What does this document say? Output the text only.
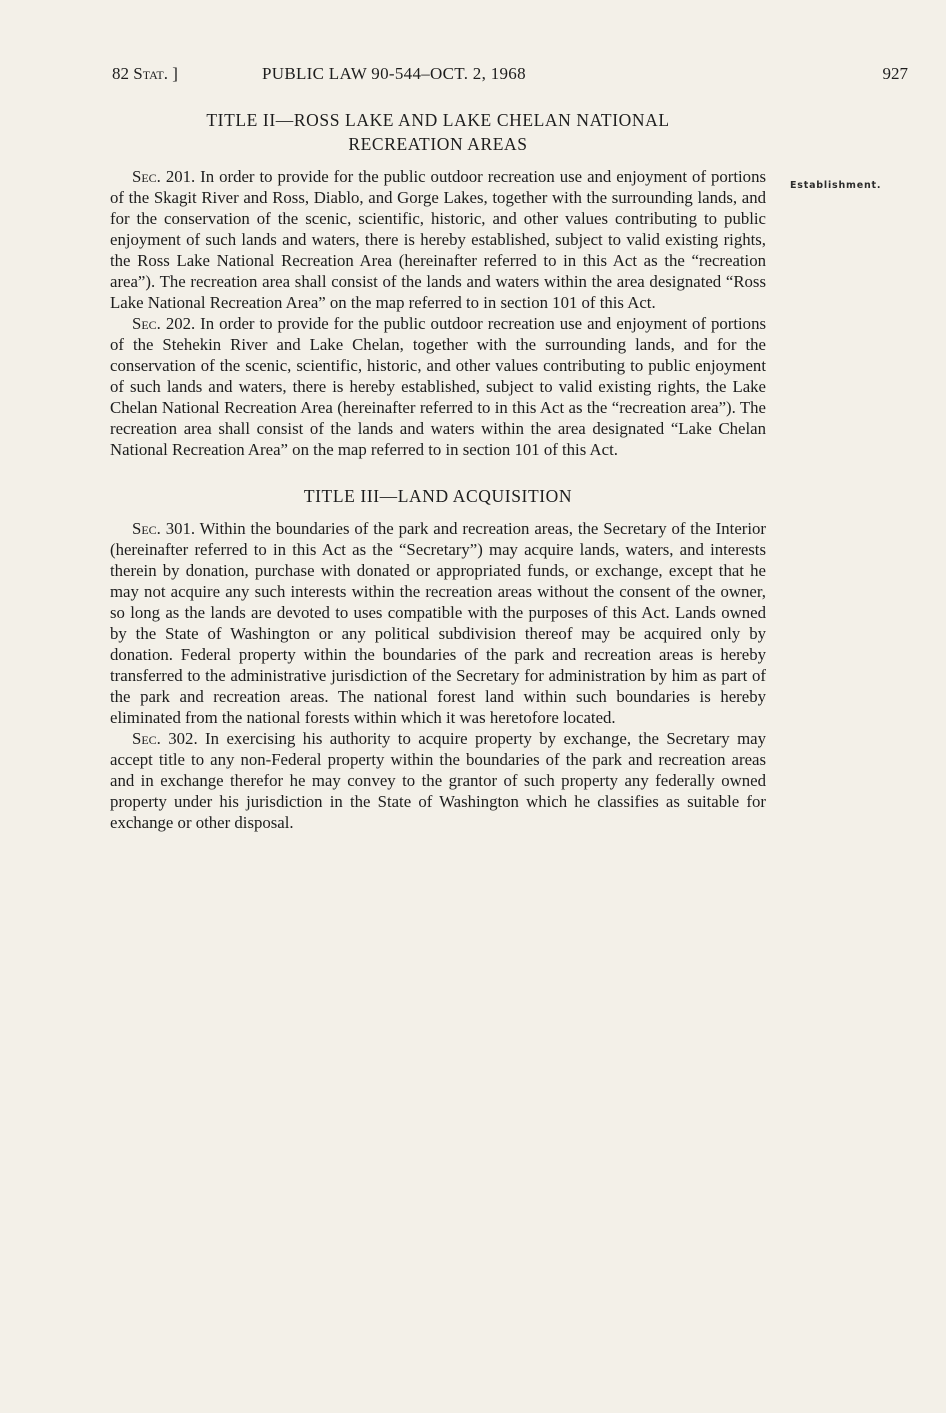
82 Stat. ]	PUBLIC LAW 90-544–OCT. 2, 1968	927
Establishment.
TITLE II—ROSS LAKE AND LAKE CHELAN NATIONAL
RECREATION AREAS

Sec. 201. In order to provide for the public outdoor recreation use and enjoyment of portions of the Skagit River and Ross, Diablo, and Gorge Lakes, together with the surrounding lands, and for the conservation of the scenic, scientific, historic, and other values contributing to public enjoyment of such lands and waters, there is hereby established, subject to valid existing rights, the Ross Lake National Recreation Area (hereinafter referred to in this Act as the “recreation area”). The recreation area shall consist of the lands and waters within the area designated “Ross Lake National Recreation Area” on the map referred to in section 101 of this Act.

Sec. 202. In order to provide for the public outdoor recreation use and enjoyment of portions of the Stehekin River and Lake Chelan, together with the surrounding lands, and for the conservation of the scenic, scientific, historic, and other values contributing to public enjoyment of such lands and waters, there is hereby established, subject to valid existing rights, the Lake Chelan National Recreation Area (hereinafter referred to in this Act as the “recreation area”). The recreation area shall consist of the lands and waters within the area designated “Lake Chelan National Recreation Area” on the map referred to in section 101 of this Act.

TITLE III—LAND ACQUISITION

Sec. 301. Within the boundaries of the park and recreation areas, the Secretary of the Interior (hereinafter referred to in this Act as the “Secretary”) may acquire lands, waters, and interests therein by donation, purchase with donated or appropriated funds, or exchange, except that he may not acquire any such interests within the recreation areas without the consent of the owner, so long as the lands are devoted to uses compatible with the purposes of this Act. Lands owned by the State of Washington or any political subdivision thereof may be acquired only by donation. Federal property within the boundaries of the park and recreation areas is hereby transferred to the administrative jurisdiction of the Secretary for administration by him as part of the park and recreation areas. The national forest land within such boundaries is hereby eliminated from the national forests within which it was heretofore located.

Sec. 302. In exercising his authority to acquire property by exchange, the Secretary may accept title to any non-Federal property within the boundaries of the park and recreation areas and in exchange therefor he may convey to the grantor of such property any federally owned property under his jurisdiction in the State of Washington which he classifies as suitable for exchange or other disposal.
